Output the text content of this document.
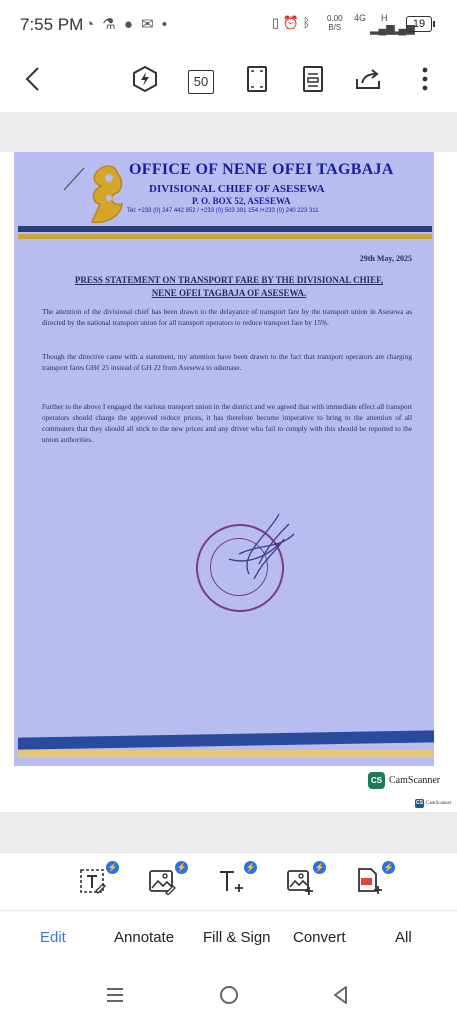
7:55 PM ◔ ⚗ ● ✉ •	▯ ⏰ ᛒ 0.00
B/S
4G
▂▄▆
H
▂▄▆
19
50
OFFICE OF NENE OFEI TAGBAJA
DIVISIONAL CHIEF OF ASESEWA
P. O. BOX 52, ASESEWA
Tel: +233 (0) 247 442 952 / +233 (0) 503 391 154 /+233 (0) 240 223 311
29th May, 2025
PRESS STATEMENT ON TRANSPORT FARE BY THE DIVISIONAL CHIEF, NENE OFEI TAGBAJA OF ASESEWA.
The attention of the divisional chief has been drawn to the delayance of transport fare by the transport union in Asesewa as directed by the national transport union for all transport operators to reduce transport fare by 15%.
Though the directive came with a statement, my attention have been drawn to the fact that transport operators are charging transport fares GH¢ 25 instead of GH 22 from Asesewa to odumase.
Further to the above I engaged the various transport union in the district and we agreed that with immediate effect all transport operators should charge the approved reduce prices, it has therefore become imperative to bring to the attention of all commuters that they should all stick to the new prices and any driver who fail to comply with this should be reported to the union authorities.
CS CamScanner
CS CamScanner
⚡	⚡	⚡	⚡	⚡
Edit	Annotate Fill & Sign Convert	All
